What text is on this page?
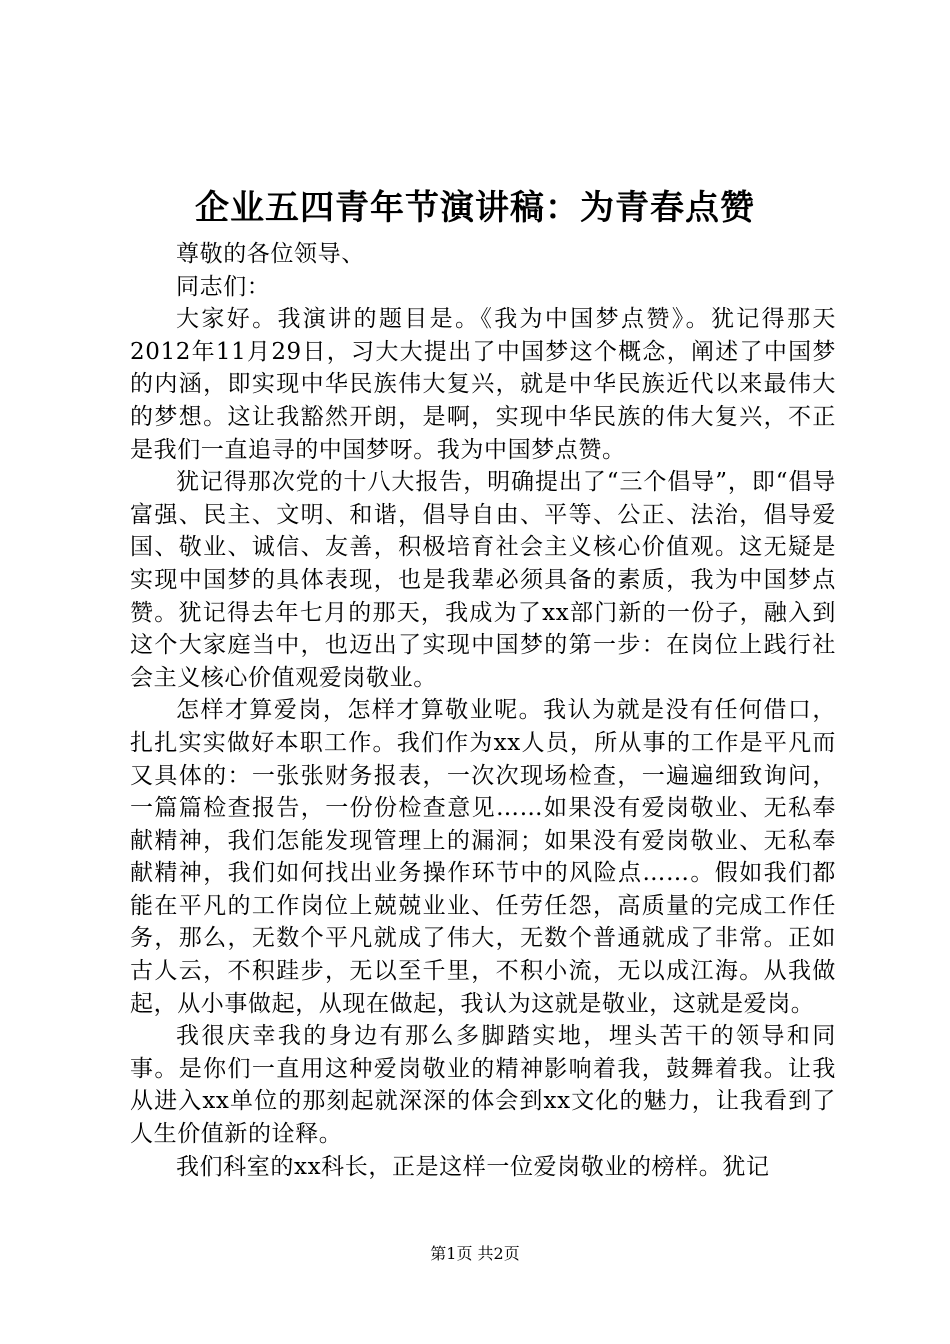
企业五四青年节演讲稿：为青春点赞

尊敬的各位领导、

同志们：

大家好。我演讲的题目是。《我为中国梦点赞》。犹记得那天2012年11月29日，习大大提出了中国梦这个概念，阐述了中国梦的内涵，即实现中华民族伟大复兴，就是中华民族近代以来最伟大的梦想。这让我豁然开朗，是啊，实现中华民族的伟大复兴，不正是我们一直追寻的中国梦呀。我为中国梦点赞。

犹记得那次党的十八大报告，明确提出了“三个倡导”，即“倡导富强、民主、文明、和谐，倡导自由、平等、公正、法治，倡导爱国、敬业、诚信、友善，积极培育社会主义核心价值观。这无疑是实现中国梦的具体表现，也是我辈必须具备的素质，我为中国梦点赞。犹记得去年七月的那天，我成为了xx部门新的一份子，融入到这个大家庭当中，也迈出了实现中国梦的第一步：在岗位上践行社会主义核心价值观爱岗敬业。

怎样才算爱岗，怎样才算敬业呢。我认为就是没有任何借口，扎扎实实做好本职工作。我们作为xx人员，所从事的工作是平凡而又具体的：一张张财务报表，一次次现场检查，一遍遍细致询问，一篇篇检查报告，一份份检查意见……如果没有爱岗敬业、无私奉献精神，我们怎能发现管理上的漏洞；如果没有爱岗敬业、无私奉献精神，我们如何找出业务操作环节中的风险点……。假如我们都能在平凡的工作岗位上兢兢业业、任劳任怨，高质量的完成工作任务，那么，无数个平凡就成了伟大，无数个普通就成了非常。正如古人云，不积跬步，无以至千里，不积小流，无以成江海。从我做起，从小事做起，从现在做起，我认为这就是敬业，这就是爱岗。

我很庆幸我的身边有那么多脚踏实地，埋头苦干的领导和同事。是你们一直用这种爱岗敬业的精神影响着我，鼓舞着我。让我从进入xx单位的那刻起就深深的体会到xx文化的魅力，让我看到了人生价值新的诠释。

我们科室的xx科长，正是这样一位爱岗敬业的榜样。犹记

第1页 共2页
